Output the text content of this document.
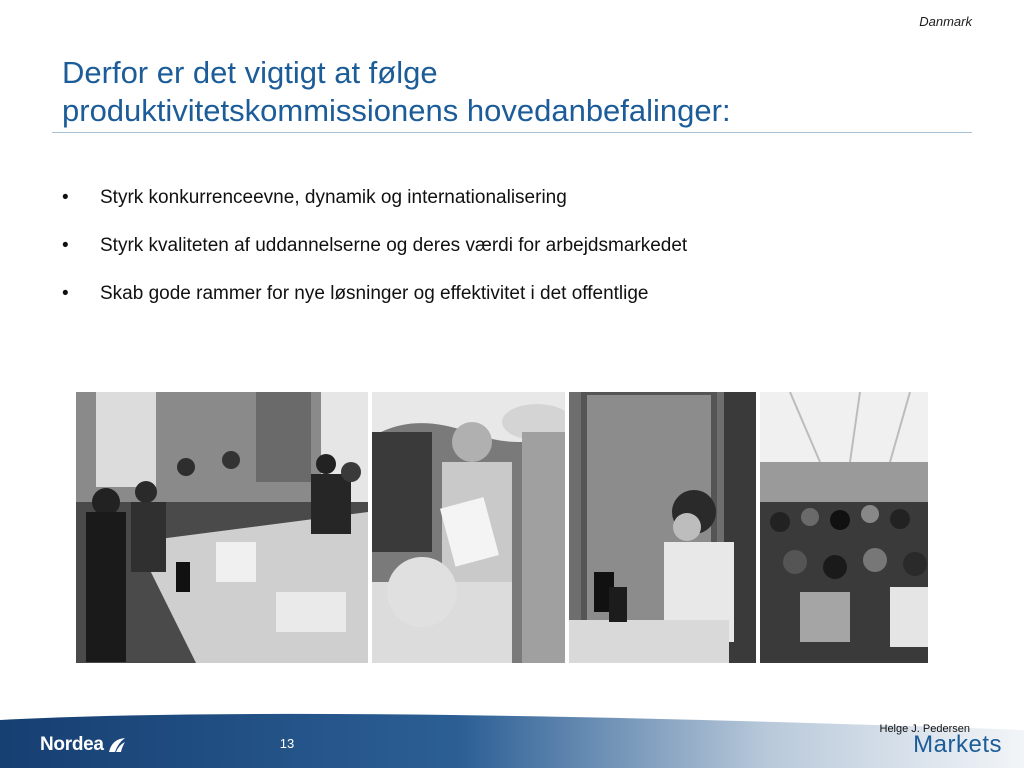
Danmark
Derfor er det vigtigt at følge
produktivitetskommissionens hovedanbefalinger:
•	Styrk konkurrenceevne, dynamik og internationalisering
•	Styrk kvaliteten af uddannelserne og deres værdi for arbejdsmarkedet
•	Skab gode rammer for nye løsninger og effektivitet i det offentlige
Nordea	13
Helge J. Pedersen
Markets
